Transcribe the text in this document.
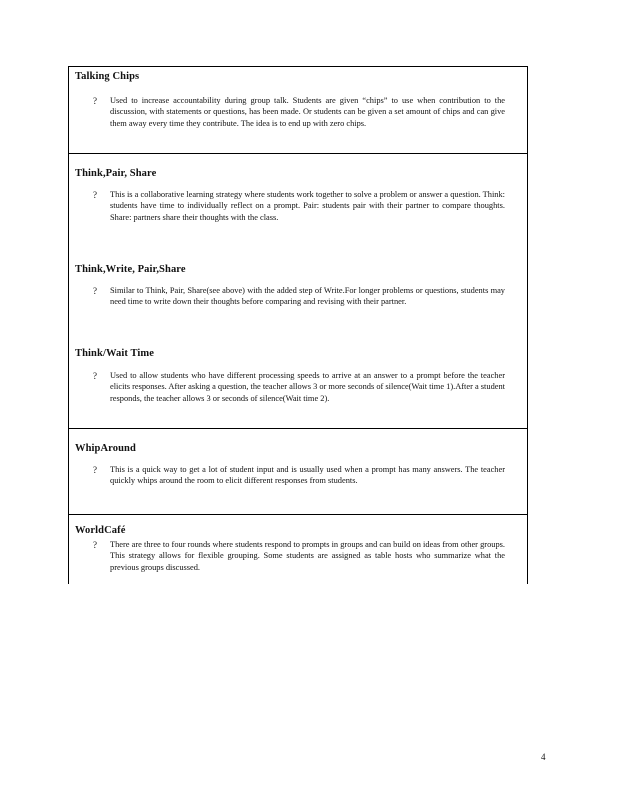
Talking Chips
? Used to increase accountability during group talk. Students are given “chips” to use when contribution to the discussion, with statements or questions, has been made. Or students can be given a set amount of chips and can give them away every time they contribute. The idea is to end up with zero chips.
Think,Pair, Share
? This is a collaborative learning strategy where students work together to solve a problem or answer a question. Think: students have time to individually reflect on a prompt. Pair: students pair with their partner to compare thoughts. Share: partners share their thoughts with the class.
Think,Write, Pair,Share
? Similar to Think, Pair, Share(see above) with the added step of Write.For longer problems or questions, students may need time to write down their thoughts before comparing and revising with their partner.
Think/Wait Time
? Used to allow students who have different processing speeds to arrive at an answer to a prompt before the teacher elicits responses. After asking a question, the teacher allows 3 or more seconds of silence(Wait time 1).After a student responds, the teacher allows 3 or seconds of silence(Wait time 2).
WhipAround
? This is a quick way to get a lot of student input and is usually used when a prompt has many answers. The teacher quickly whips around the room to elicit different responses from students.
WorldCafé
? There are three to four rounds where students respond to prompts in groups and can build on ideas from other groups. This strategy allows for flexible grouping. Some students are assigned as table hosts who summarize what the previous groups discussed.
4
